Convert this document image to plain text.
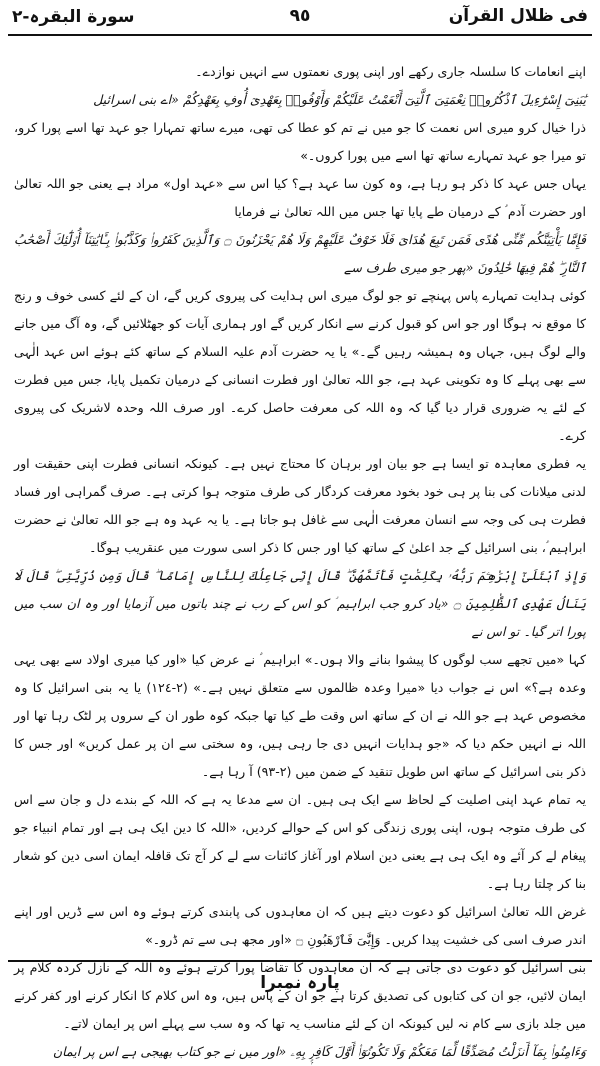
فی ظلال القرآن
٩٥
سورة البقرہ-٢

اپنے انعامات کا سلسلہ جاری رکھے اور اپنی پوری نعمتوں سے انہیں نوازدے۔

يَٰبَنِىٓ إِسْرَٰٓءِيلَ ٱذْكُرُوا۟ نِعْمَتِىَ ٱلَّتِىٓ أَنْعَمْتُ عَلَيْكُمْ وَأَوْفُوا۟ بِعَهْدِىٓ أُوفِ بِعَهْدِكُمْ «اے بنی اسرائیل

ذرا خیال کرو میری اس نعمت کا جو میں نے تم کو عطا کی تھی، میرے ساتھ تمہارا جو عہد تھا اسے پورا کرو، تو میرا جو عہد تمہارے ساتھ تھا اسے میں پورا کروں۔»

یہاں جس عہد کا ذکر ہو رہا ہے، وہ کون سا عہد ہے؟ کیا اس سے «عہد اول» مراد ہے یعنی جو اللہ تعالیٰ اور حضرت آدم ؑ کے درمیان طے پایا تھا جس میں اللہ تعالیٰ نے فرمایا

فَإِمَّا يَأْتِيَنَّكُم مِّنِّى هُدًى فَمَن تَبِعَ هُدَاىَ فَلَا خَوْفٌ عَلَيْهِمْ وَلَا هُمْ يَحْزَنُونَ ۝ وَٱلَّذِينَ كَفَرُوا۟ وَكَذَّبُوا۟ بِـَٔايَٰتِنَآ أُو۟لَٰٓئِكَ أَصْحَٰبُ ٱلنَّارِ ۖ هُمْ فِيهَا خَٰلِدُونَ «پھر جو میری طرف سے

کوئی ہدایت تمہارے پاس پہنچے تو جو لوگ میری اس ہدایت کی پیروی کریں گے، ان کے لئے کسی خوف و رنج کا موقع نہ ہوگا اور جو اس کو قبول کرنے سے انکار کریں گے اور ہماری آیات کو جھٹلائیں گے، وہ آگ میں جانے والے لوگ ہیں، جہاں وہ ہمیشہ رہیں گے۔» یا یہ حضرت آدم علیہ السلام کے ساتھ کئے ہوئے اس عہد الٰہی سے بھی پہلے کا وہ تکوینی عہد ہے، جو اللہ تعالیٰ اور فطرت انسانی کے درمیان تکمیل پایا، جس میں فطرت کے لئے یہ ضروری قرار دیا گیا کہ وہ اللہ کی معرفت حاصل کرے۔ اور صرف اللہ وحدہ لاشریک کی پیروی کرے۔

یہ فطری معاہدہ تو ایسا ہے جو بیان اور برہان کا محتاج نہیں ہے۔ کیونکہ انسانی فطرت اپنی حقیقت اور لدنی میلانات کی بنا پر ہی خود بخود معرفت کردگار کی طرف متوجہ ہوا کرتی ہے۔ صرف گمراہی اور فساد فطرت ہی کی وجہ سے انسان معرفت الٰہی سے غافل ہو جاتا ہے۔ یا یہ عہد وہ ہے جو اللہ تعالیٰ نے حضرت ابراہیم ؑ، بنی اسرائیل کے جد اعلیٰ کے ساتھ کیا اور جس کا ذکر اسی سورت میں عنقریب ہوگا۔

وَإِذِ ٱبْتَلَىٰٓ إِبْرَٰهِـۧمَ رَبُّهُۥ بِكَلِمَٰتٍ فَأَتَمَّهُنَّ ۖ قَالَ إِنِّى جَاعِلُكَ لِلنَّاسِ إِمَامًا ۖ قَالَ وَمِن ذُرِّيَّتِى ۖ قَالَ لَا يَنَالُ عَهْدِى ٱلظَّٰلِمِينَ ۝ «یاد کرو جب ابراہیم ؑ کو اس کے رب نے چند باتوں میں آزمایا اور وہ ان سب میں پورا اتر گیا۔ تو اس نے

کہا «میں تجھے سب لوگوں کا پیشوا بنانے والا ہوں۔» ابراہیم ؑ نے عرض کیا «اور کیا میری اولاد سے بھی یہی وعدہ ہے؟» اس نے جواب دیا «میرا وعدہ ظالموں سے متعلق نہیں ہے۔» (٢-١٢٤) یا یہ بنی اسرائیل کا وہ مخصوص عہد ہے جو اللہ نے ان کے ساتھ اس وقت طے کیا تھا جبکہ کوہ طور ان کے سروں پر لٹک رہا تھا اور اللہ نے انہیں حکم دیا کہ «جو ہدایات انہیں دی جا رہی ہیں، وہ سختی سے ان پر عمل کریں» اور جس کا ذکر بنی اسرائیل کے ساتھ اس طویل تنقید کے ضمن میں (٢-٩٣) آ رہا ہے۔

یہ تمام عہد اپنی اصلیت کے لحاظ سے ایک ہی ہیں۔ ان سے مدعا یہ ہے کہ اللہ کے بندے دل و جان سے اس کی طرف متوجہ ہوں، اپنی پوری زندگی کو اس کے حوالے کردیں، «اللہ کا دین ایک ہی ہے اور تمام انبیاء جو پیغام لے کر آئے وہ ایک ہی ہے یعنی دین اسلام اور آغاز کائنات سے لے کر آج تک قافلہ ایمان اسی دین کو شعار بنا کر چلتا رہا ہے۔

غرض اللہ تعالیٰ اسرائیل کو دعوت دیتے ہیں کہ ان معاہدوں کی پابندی کرتے ہوئے وہ اس سے ڈریں اور اپنے اندر صرف اسی کی خشیت پیدا کریں۔ وَإِيَّٰىَ فَٱرْهَبُونِ ۝ «اور مجھ ہی سے تم ڈرو۔»

بنی اسرائیل کو دعوت دی جاتی ہے کہ ان معاہدوں کا تقاضا پورا کرتے ہوئے وہ اللہ کے نازل کردہ کلام پر ایمان لائیں، جو ان کی کتابوں کی تصدیق کرتا ہے جو ان کے پاس ہیں، وہ اس کلام کا انکار کرنے اور کفر کرنے میں جلد بازی سے کام نہ لیں کیونکہ ان کے لئے مناسب یہ تھا کہ وہ سب سے پہلے اس پر ایمان لاتے۔

وَءَامِنُوا۟ بِمَآ أَنزَلْتُ مُصَدِّقًا لِّمَا مَعَكُمْ وَلَا تَكُونُوٓا۟ أَوَّلَ كَافِرٍۭ بِهِۦ «اور میں نے جو کتاب بھیجی ہے اس پر ایمان

پارہ نمبرا
